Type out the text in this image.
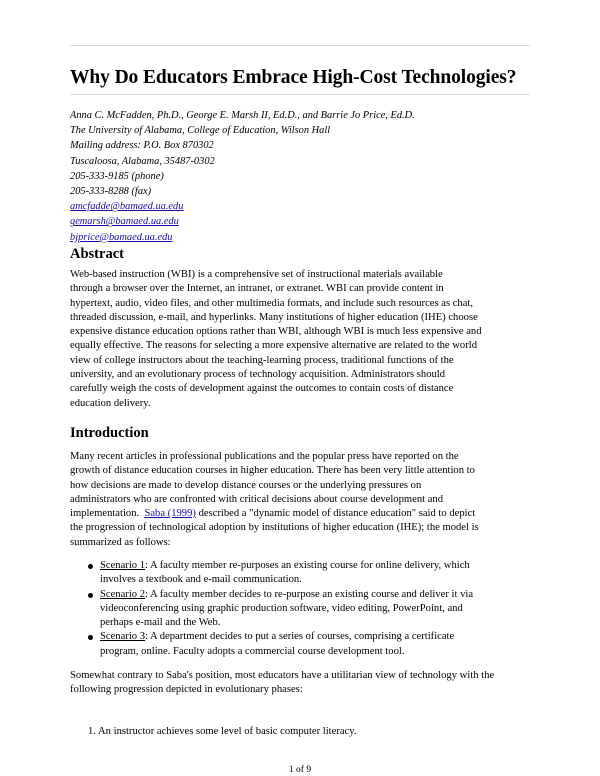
Why Do Educators Embrace High-Cost Technologies?
Anna C. McFadden, Ph.D., George E. Marsh II, Ed.D., and Barrie Jo Price, Ed.D.
The University of Alabama, College of Education, Wilson Hall
Mailing address: P.O. Box 870302
Tuscaloosa, Alabama, 35487-0302
205-333-9185 (phone)
205-333-8288 (fax)
amcfadde@bamaed.ua.edu
gemarsh@bamaed.ua.edu
bjprice@bamaed.ua.edu
Abstract
Web-based instruction (WBI) is a comprehensive set of instructional materials available
through a browser over the Internet, an intranet, or extranet. WBI can provide content in
hypertext, audio, video files, and other multimedia formats, and include such resources as chat,
threaded discussion, e-mail, and hyperlinks. Many institutions of higher education (IHE) choose
expensive distance education options rather than WBI, although WBI is much less expensive and
equally effective. The reasons for selecting a more expensive alternative are related to the world
view of college instructors about the teaching-learning process, traditional functions of the
university, and an evolutionary process of technology acquisition. Administrators should
carefully weigh the costs of development against the outcomes to contain costs of distance
education delivery.
Introduction
Many recent articles in professional publications and the popular press have reported on the
growth of distance education courses in higher education. There has been very little attention to
how decisions are made to develop distance courses or the underlying pressures on
administrators who are confronted with critical decisions about course development and
implementation.  Saba (1999) described a "dynamic model of distance education" said to depict
the progression of technological adoption by institutions of higher education (IHE); the model is
summarized as follows:
Scenario 1: A faculty member re-purposes an existing course for online delivery, which
involves a textbook and e-mail communication.
Scenario 2: A faculty member decides to re-purpose an existing course and deliver it via
videoconferencing using graphic production software, video editing, PowerPoint, and
perhaps e-mail and the Web.
Scenario 3: A department decides to put a series of courses, comprising a certificate
program, online. Faculty adopts a commercial course development tool.
Somewhat contrary to Saba's position, most educators have a utilitarian view of technology with the
following progression depicted in evolutionary phases:
1. An instructor achieves some level of basic computer literacy.
1 of 9
